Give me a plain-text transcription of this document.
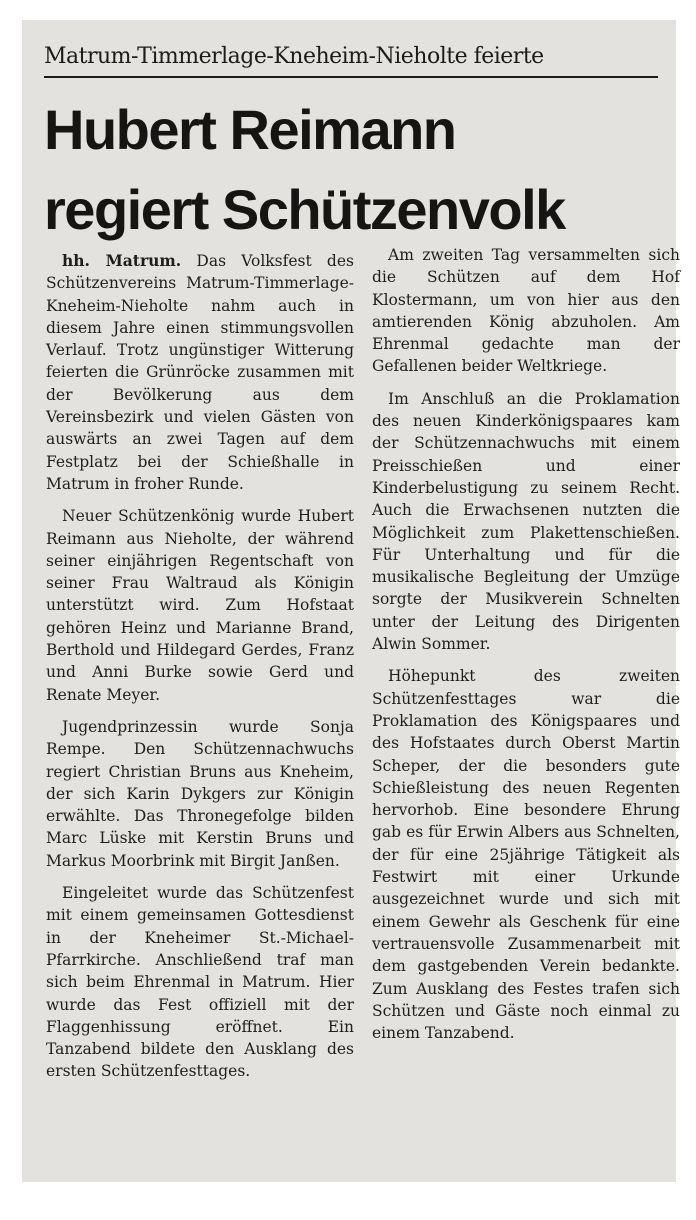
Matrum-Timmerlage-Kneheim-Nieholte feierte

Hubert Reimann
regiert Schützenvolk

hh. Matrum. Das Volksfest des Schützenvereins Matrum-Timmerlage-Kneheim-Nieholte nahm auch in diesem Jahre einen stimmungsvollen Verlauf. Trotz ungünstiger Witterung feierten die Grünröcke zusammen mit der Bevölkerung aus dem Vereinsbezirk und vielen Gästen von auswärts an zwei Tagen auf dem Festplatz bei der Schießhalle in Matrum in froher Runde.

Neuer Schützenkönig wurde Hubert Reimann aus Nieholte, der während seiner einjährigen Regentschaft von seiner Frau Waltraud als Königin unterstützt wird. Zum Hofstaat gehören Heinz und Marianne Brand, Berthold und Hildegard Gerdes, Franz und Anni Burke sowie Gerd und Renate Meyer.

Jugendprinzessin wurde Sonja Rempe. Den Schützennachwuchs regiert Christian Bruns aus Kneheim, der sich Karin Dykgers zur Königin erwählte. Das Thronegefolge bilden Marc Lüske mit Kerstin Bruns und Markus Moorbrink mit Birgit Janßen.

Eingeleitet wurde das Schützenfest mit einem gemeinsamen Gottesdienst in der Kneheimer St.-Michael-Pfarrkirche. Anschließend traf man sich beim Ehrenmal in Matrum. Hier wurde das Fest offiziell mit der Flaggenhissung eröffnet. Ein Tanzabend bildete den Ausklang des ersten Schützenfesttages.

Am zweiten Tag versammelten sich die Schützen auf dem Hof Klostermann, um von hier aus den amtierenden König abzuholen. Am Ehrenmal gedachte man der Gefallenen beider Weltkriege.

Im Anschluß an die Proklamation des neuen Kinderkönigspaares kam der Schützennachwuchs mit einem Preisschießen und einer Kinderbelustigung zu seinem Recht. Auch die Erwachsenen nutzten die Möglichkeit zum Plakettenschießen. Für Unterhaltung und für die musikalische Begleitung der Umzüge sorgte der Musikverein Schnelten unter der Leitung des Dirigenten Alwin Sommer.

Höhepunkt des zweiten Schützenfesttages war die Proklamation des Königspaares und des Hofstaates durch Oberst Martin Scheper, der die besonders gute Schießleistung des neuen Regenten hervorhob. Eine besondere Ehrung gab es für Erwin Albers aus Schnelten, der für eine 25jährige Tätigkeit als Festwirt mit einer Urkunde ausgezeichnet wurde und sich mit einem Gewehr als Geschenk für eine vertrauensvolle Zusammenarbeit mit dem gastgebenden Verein bedankte. Zum Ausklang des Festes trafen sich Schützen und Gäste noch einmal zu einem Tanzabend.
